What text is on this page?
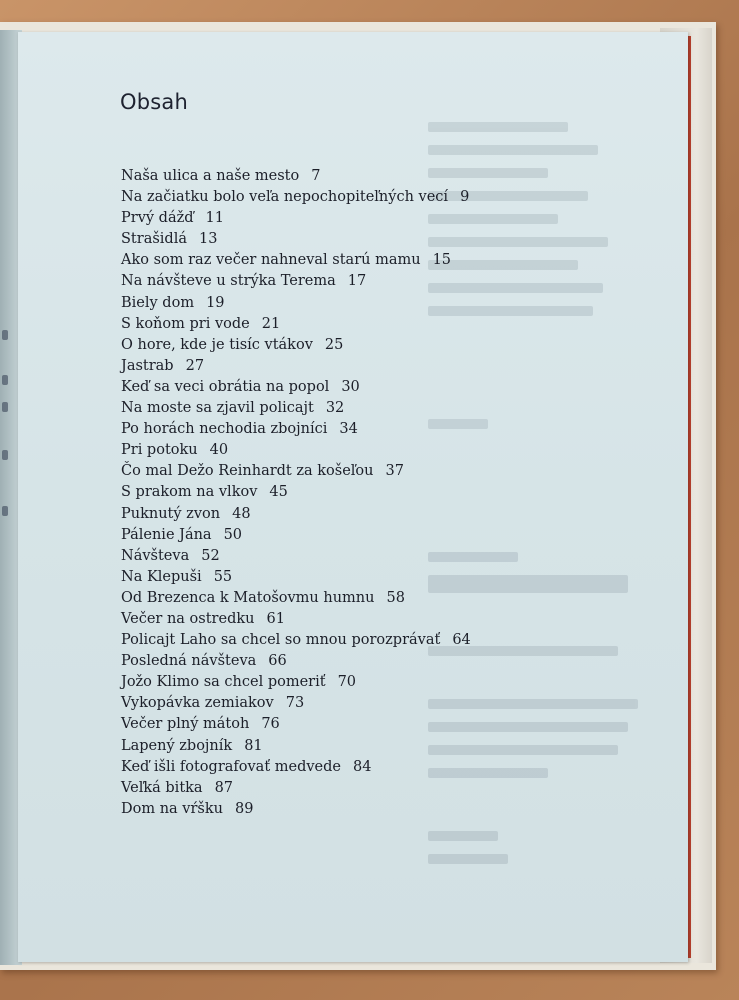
Obsah
Naša ulica a naše mesto 7
Na začiatku bolo veľa nepochopiteľných vecí 9
Prvý dážď 11
Strašidlá 13
Ako som raz večer nahneval starú mamu 15
Na návšteve u strýka Terema 17
Biely dom 19
S koňom pri vode 21
O hore, kde je tisíc vtákov 25
Jastrab 27
Keď sa veci obrátia na popol 30
Na moste sa zjavil policajt 32
Po horách nechodia zbojníci 34
Pri potoku 40
Čo mal Dežo Reinhardt za košeľou 37
S prakom na vlkov 45
Puknutý zvon 48
Pálenie Jána 50
Návšteva 52
Na Klepuši 55
Od Brezenca k Matošovmu humnu 58
Večer na ostredku 61
Policajt Laho sa chcel so mnou porozprávať 64
Posledná návšteva 66
Jožo Klimo sa chcel pomeriť 70
Vykopávka zemiakov 73
Večer plný mátoh 76
Lapený zbojník 81
Keď išli fotografovať medvede 84
Veľká bitka 87
Dom na vŕšku 89
